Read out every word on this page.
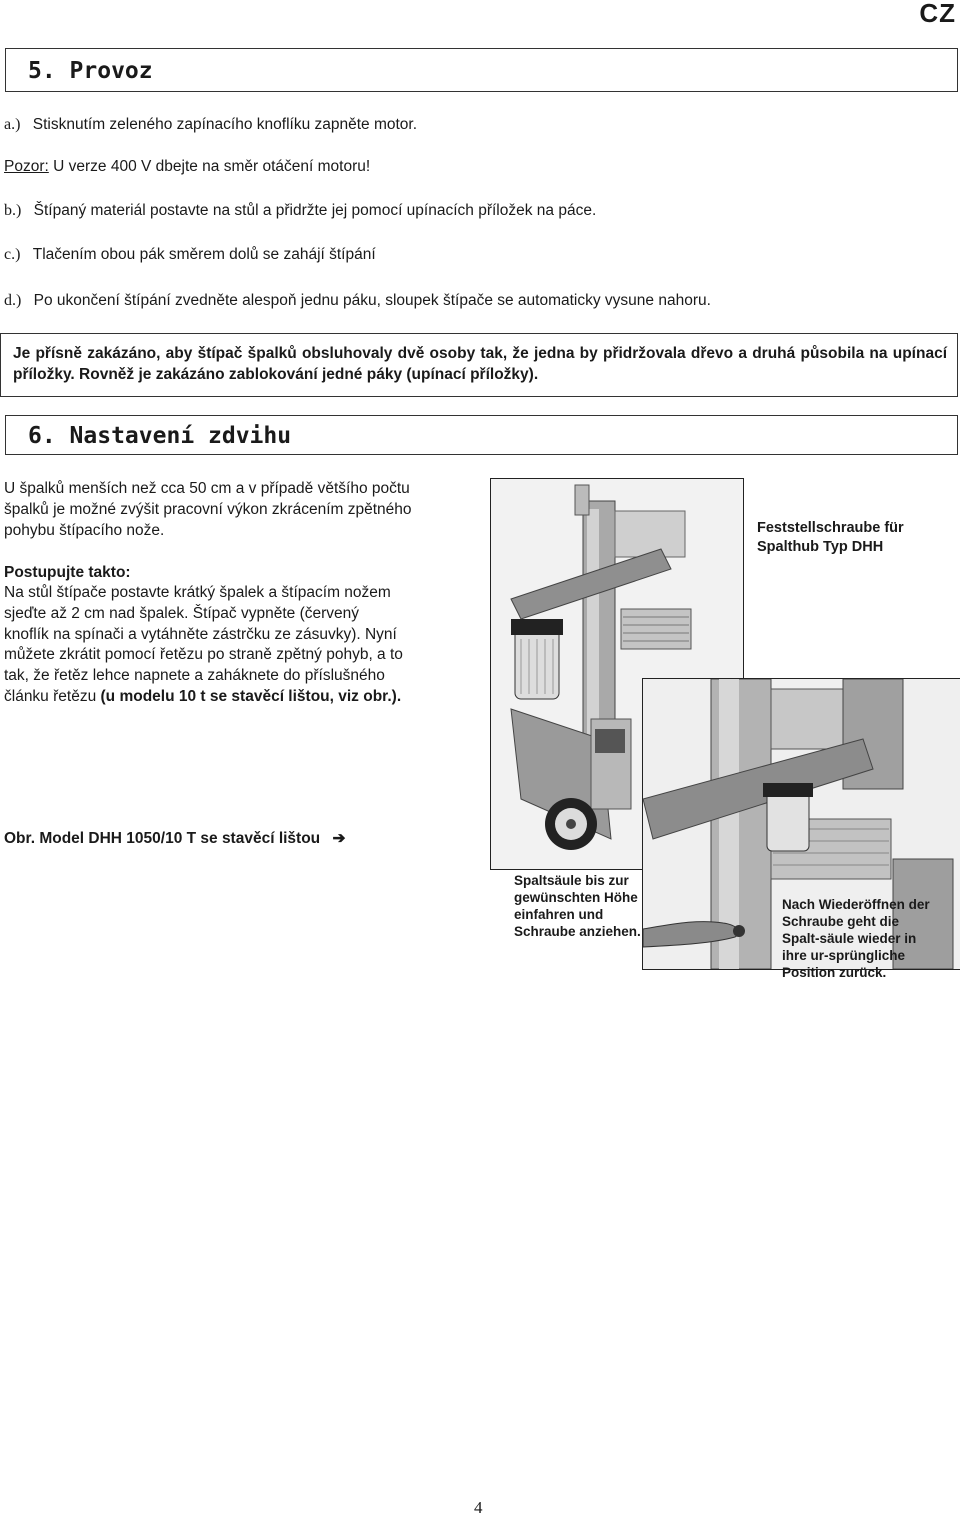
CZ
5. Provoz
a.) Stisknutím zeleného zapínacího knoflíku zapněte motor.
Pozor: U verze 400 V dbejte na směr otáčení motoru!
b.) Štípaný materiál postavte na stůl a přidržte jej pomocí upínacích příložek na páce.
c.) Tlačením obou pák směrem dolů se zahájí štípání
d.) Po ukončení štípání zvedněte alespoň jednu páku, sloupek štípače se automaticky vysune nahoru.
Je přísně zakázáno, aby štípač špalků obsluhovaly dvě osoby tak, že jedna by přidržovala dřevo a druhá působila na upínací příložky. Rovněž je zakázáno zablokování jedné páky (upínací příložky).
6. Nastavení zdvihu
U špalků menších než cca 50 cm a v případě většího počtu špalků je možné zvýšit pracovní výkon zkrácením zpětného pohybu štípacího nože.
Postupujte takto:
Na stůl štípače postavte krátký špalek a štípacím nožem sjeďte až 2 cm nad špalek. Štípač vypněte (červený knoflík na spínači a vytáhněte zástrčku ze zásuvky). Nyní můžete zkrátit pomocí řetězu po straně zpětný pohyb, a to tak, že řetěz lehce napnete a zaháknete do příslušného článku řetězu (u modelu 10 t se stavěcí lištou, viz obr.).
Obr. Model DHH 1050/10 T se stavěcí lištou ➔
Feststellschraube für Spalthub Typ DHH
Spaltsäule bis zur gewünschten Höhe einfahren und Schraube anziehen.
Nach Wiederöffnen der Schraube geht die Spalt-säule wieder in ihre ur-sprüngliche Position zurück.
4
